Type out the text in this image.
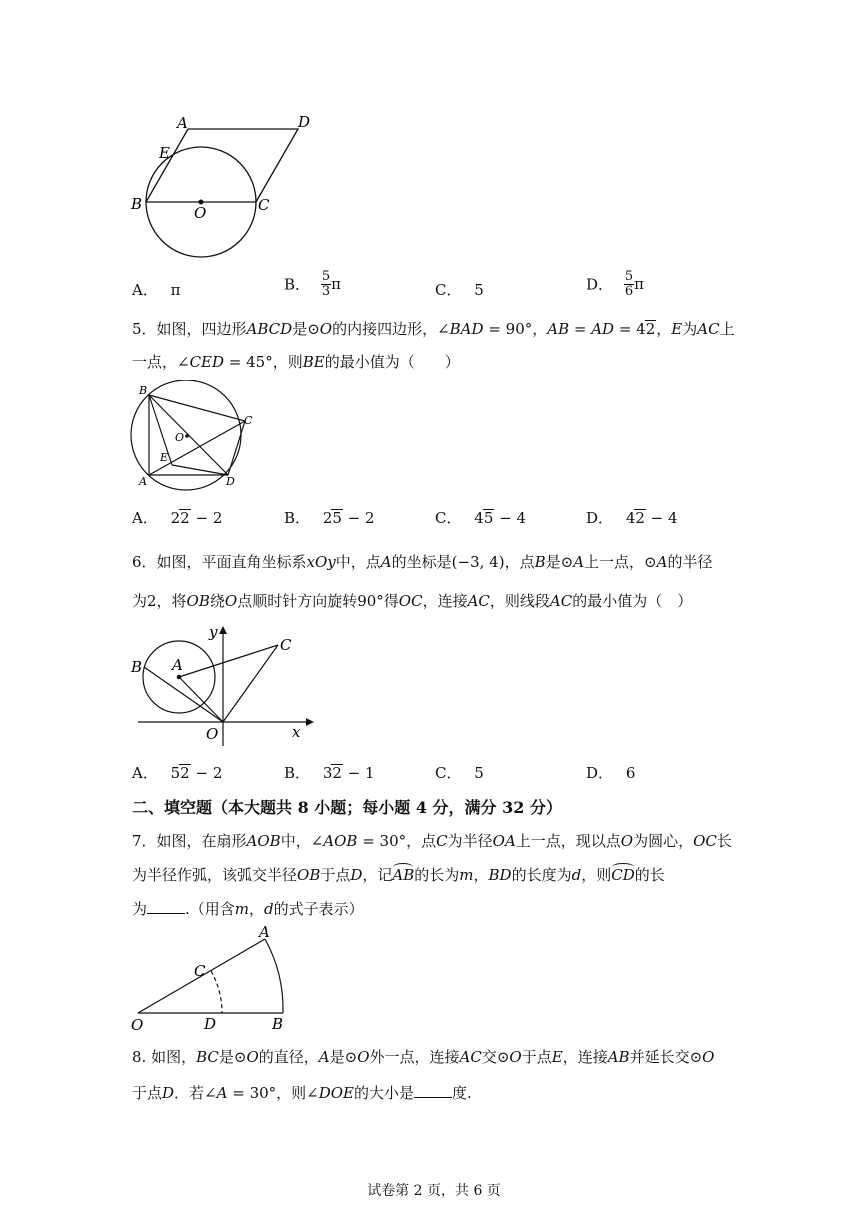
A	D
E
B	O	C
A． π	B． $\frac{5}{3}$ π	C． 5	D． $\frac{5}{6}$ π
5．如图，四边形ABCD是⊙O的内接四边形，∠BAD = 90°，AB = AD = 42，E为AC上
一点，∠CED = 45°，则BE的最小值为（　　）
B
C
O
E
A	D
A． 22 − 2	B． 25 − 2	C． 45 − 4	D． 42 − 4
6．如图，平面直角坐标系xOy中，点A的坐标是(−3, 4)，点B是⊙A上一点，⊙A的半径
为2，将OB绕O点顺时针方向旋转90°得OC，连接AC，则线段AC的最小值为（　）
y
C
B A
O	x
A． 52 − 2	B． 32 − 1	C． 5	D． 6
二、填空题（本大题共 8 小题；每小题 4 分，满分 32 分）
7．如图，在扇形AOB中，∠AOB = 30°，点C为半径OA上一点，现以点O为圆心，OC长
为半径作弧，该弧交半径OB于点D，记AB的长为m，BD的长度为d，则CD的长
为	.（用含m，d的式子表示）
A
C
O	D	B
8. 如图，BC是⊙O的直径，A是⊙O外一点，连接AC交⊙O于点E，连接AB并延长交⊙O
于点D．若∠A = 30°，则∠DOE的大小是	度.
试卷第 2 页，共 6 页
